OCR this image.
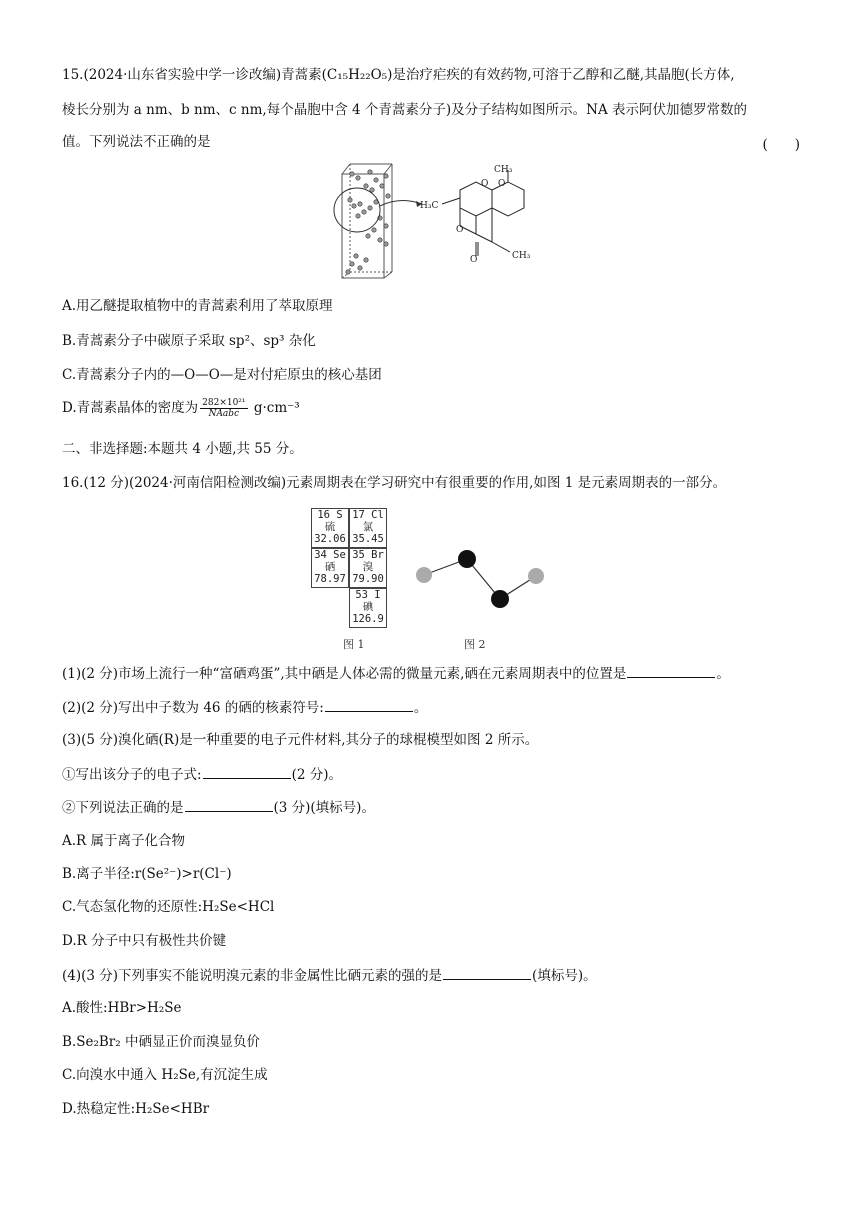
15.(2024·山东省实验中学一诊改编)青蒿素(C₁₅H₂₂O₅)是治疗疟疾的有效药物,可溶于乙醇和乙醚,其晶胞(长方体,
棱长分别为 a nm、b nm、c nm,每个晶胞中含 4 个青蒿素分子)及分子结构如图所示。NA 表示阿伏加德罗常数的
值。下列说法不正确的是	(　　)
O
O
O
O
CH₃
H₃C
CH₃
A.用乙醚提取植物中的青蒿素利用了萃取原理
B.青蒿素分子中碳原子采取 sp²、sp³ 杂化
C.青蒿素分子内的—O—O—是对付疟原虫的核心基团
D.青蒿素晶体的密度为 $\frac{\text{282×10²¹}}{\text{NAabc}} g\cdot cm^{-3}$
二、非选择题:本题共 4 小题,共 55 分。
16.(12 分)(2024·河南信阳检测改编)元素周期表在学习研究中有很重要的作用,如图 1 是元素周期表的一部分。
16 S
硫
32.06
17 Cl
氯
35.45
34 Se
硒
78.97
35 Br
溴
79.90
53 I
碘
126.9
图 1	图 2
(1)(2 分)市场上流行一种“富硒鸡蛋”,其中硒是人体必需的微量元素,硒在元素周期表中的位置是	。
(2)(2 分)写出中子数为 46 的硒的核素符号:	。
(3)(5 分)溴化硒(R)是一种重要的电子元件材料,其分子的球棍模型如图 2 所示。
①写出该分子的电子式:	(2 分)。
②下列说法正确的是	(3 分)(填标号)。
A.R 属于离子化合物
B.离子半径:r(Se²⁻)>r(Cl⁻)
C.气态氢化物的还原性:H₂Se<HCl
D.R 分子中只有极性共价键
(4)(3 分)下列事实不能说明溴元素的非金属性比硒元素的强的是	(填标号)。
A.酸性:HBr>H₂Se
B.Se₂Br₂ 中硒显正价而溴显负价
C.向溴水中通入 H₂Se,有沉淀生成
D.热稳定性:H₂Se<HBr
